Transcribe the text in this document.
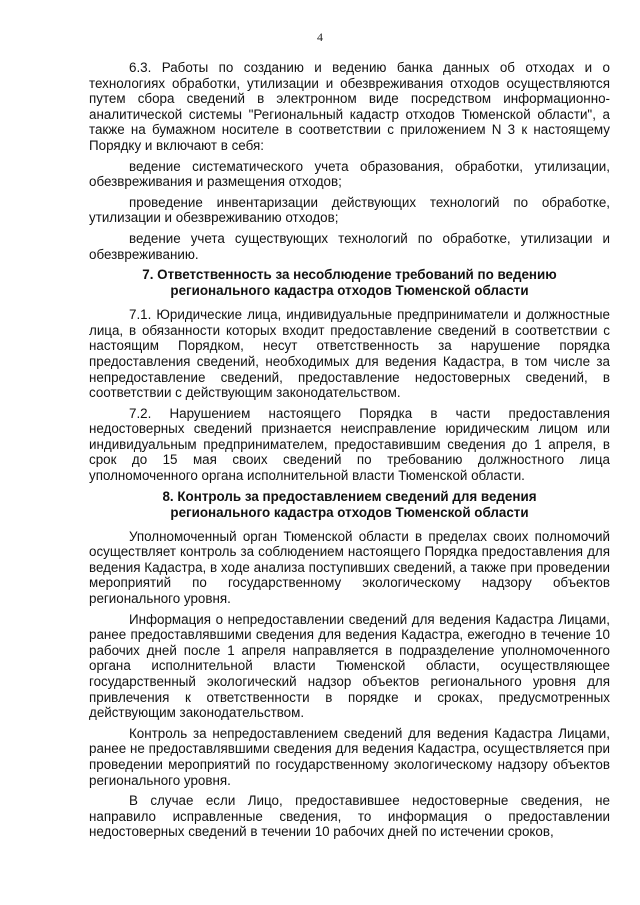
4

6.3. Работы по созданию и ведению банка данных об отходах и о технологиях обработки, утилизации и обезвреживания отходов осуществляются путем сбора сведений в электронном виде посредством информационно-аналитической системы "Региональный кадастр отходов Тюменской области", а также на бумажном носителе в соответствии с приложением N 3 к настоящему Порядку и включают в себя:

ведение систематического учета образования, обработки, утилизации, обезвреживания и размещения отходов;

проведение инвентаризации действующих технологий по обработке, утилизации и обезвреживанию отходов;

ведение учета существующих технологий по обработке, утилизации и обезвреживанию.

7. Ответственность за несоблюдение требований по ведению
регионального кадастра отходов Тюменской области

7.1. Юридические лица, индивидуальные предприниматели и должностные лица, в обязанности которых входит предоставление сведений в соответствии с настоящим Порядком, несут ответственность за нарушение порядка предоставления сведений, необходимых для ведения Кадастра, в том числе за непредоставление сведений, предоставление недостоверных сведений, в соответствии с действующим законодательством.

7.2. Нарушением настоящего Порядка в части предоставления недостоверных сведений признается неисправление юридическим лицом или индивидуальным предпринимателем, предоставившим сведения до 1 апреля, в срок до 15 мая своих сведений по требованию должностного лица уполномоченного органа исполнительной власти Тюменской области.

8. Контроль за предоставлением сведений для ведения
регионального кадастра отходов Тюменской области

Уполномоченный орган Тюменской области в пределах своих полномочий осуществляет контроль за соблюдением настоящего Порядка предоставления для ведения Кадастра, в ходе анализа поступивших сведений, а также при проведении мероприятий по государственному экологическому надзору объектов регионального уровня.

Информация о непредоставлении сведений для ведения Кадастра Лицами, ранее предоставлявшими сведения для ведения Кадастра, ежегодно в течение 10 рабочих дней после 1 апреля направляется в подразделение уполномоченного органа исполнительной власти Тюменской области, осуществляющее государственный экологический надзор объектов регионального уровня для привлечения к ответственности в порядке и сроках, предусмотренных действующим законодательством.

Контроль за непредоставлением сведений для ведения Кадастра Лицами, ранее не предоставлявшими сведения для ведения Кадастра, осуществляется при проведении мероприятий по государственному экологическому надзору объектов регионального уровня.

В случае если Лицо, предоставившее недостоверные сведения, не направило исправленные сведения, то информация о предоставлении недостоверных сведений в течении 10 рабочих дней по истечении сроков,
